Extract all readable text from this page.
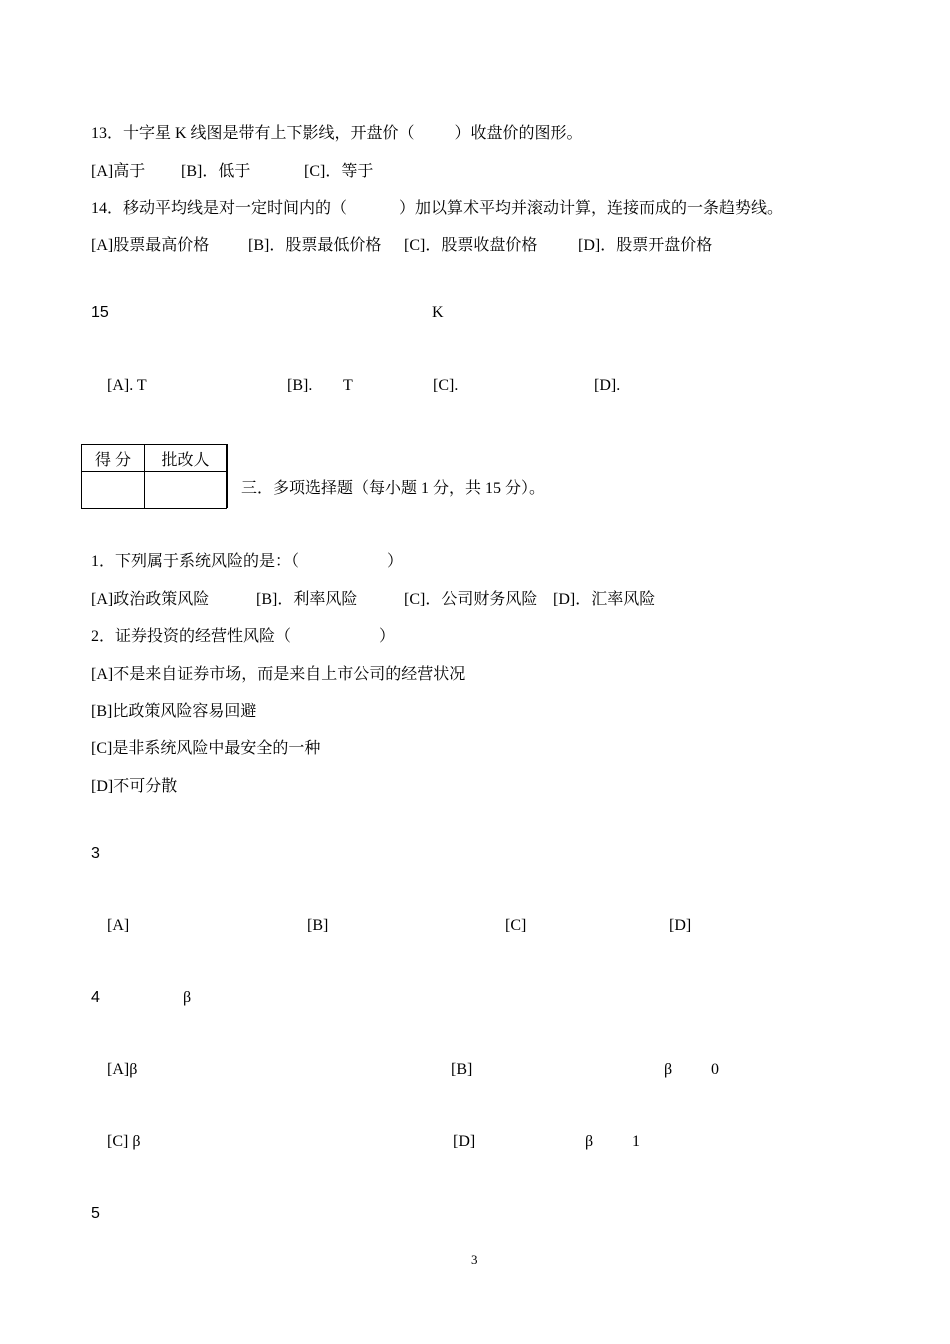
13．十字星 K 线图是带有上下影线，开盘价（          ）收盘价的图形。
[A]高于 [B]．低于	[C]．等于
14．移动平均线是对一定时间内的（             ）加以算术平均并滚动计算，连接而成的一条趋势线。
[A]股票最高价格 [B]．股票最低价格 [C]．股票收盘价格	[D]．股票开盘价格
15	K
[A]. T	[B]. T	[C].	[D].
得 分	批改人

三．多项选择题（每小题 1 分，共 15 分）。
1．下列属于系统风险的是：（                      ）
[A]政治政策风险	[B]．利率风险	[C]．公司财务风险 [D]．汇率风险
2．证券投资的经营性风险（                      ）
[A]不是来自证券市场，而是来自上市公司的经营状况
[B]比政策风险容易回避
[C]是非系统风险中最安全的一种
[D]不可分散
3
[A]	[B]	[C]	[D]
4	β
[A]β	[B]	β 0
[C] β	[D]	β 1
5
3
